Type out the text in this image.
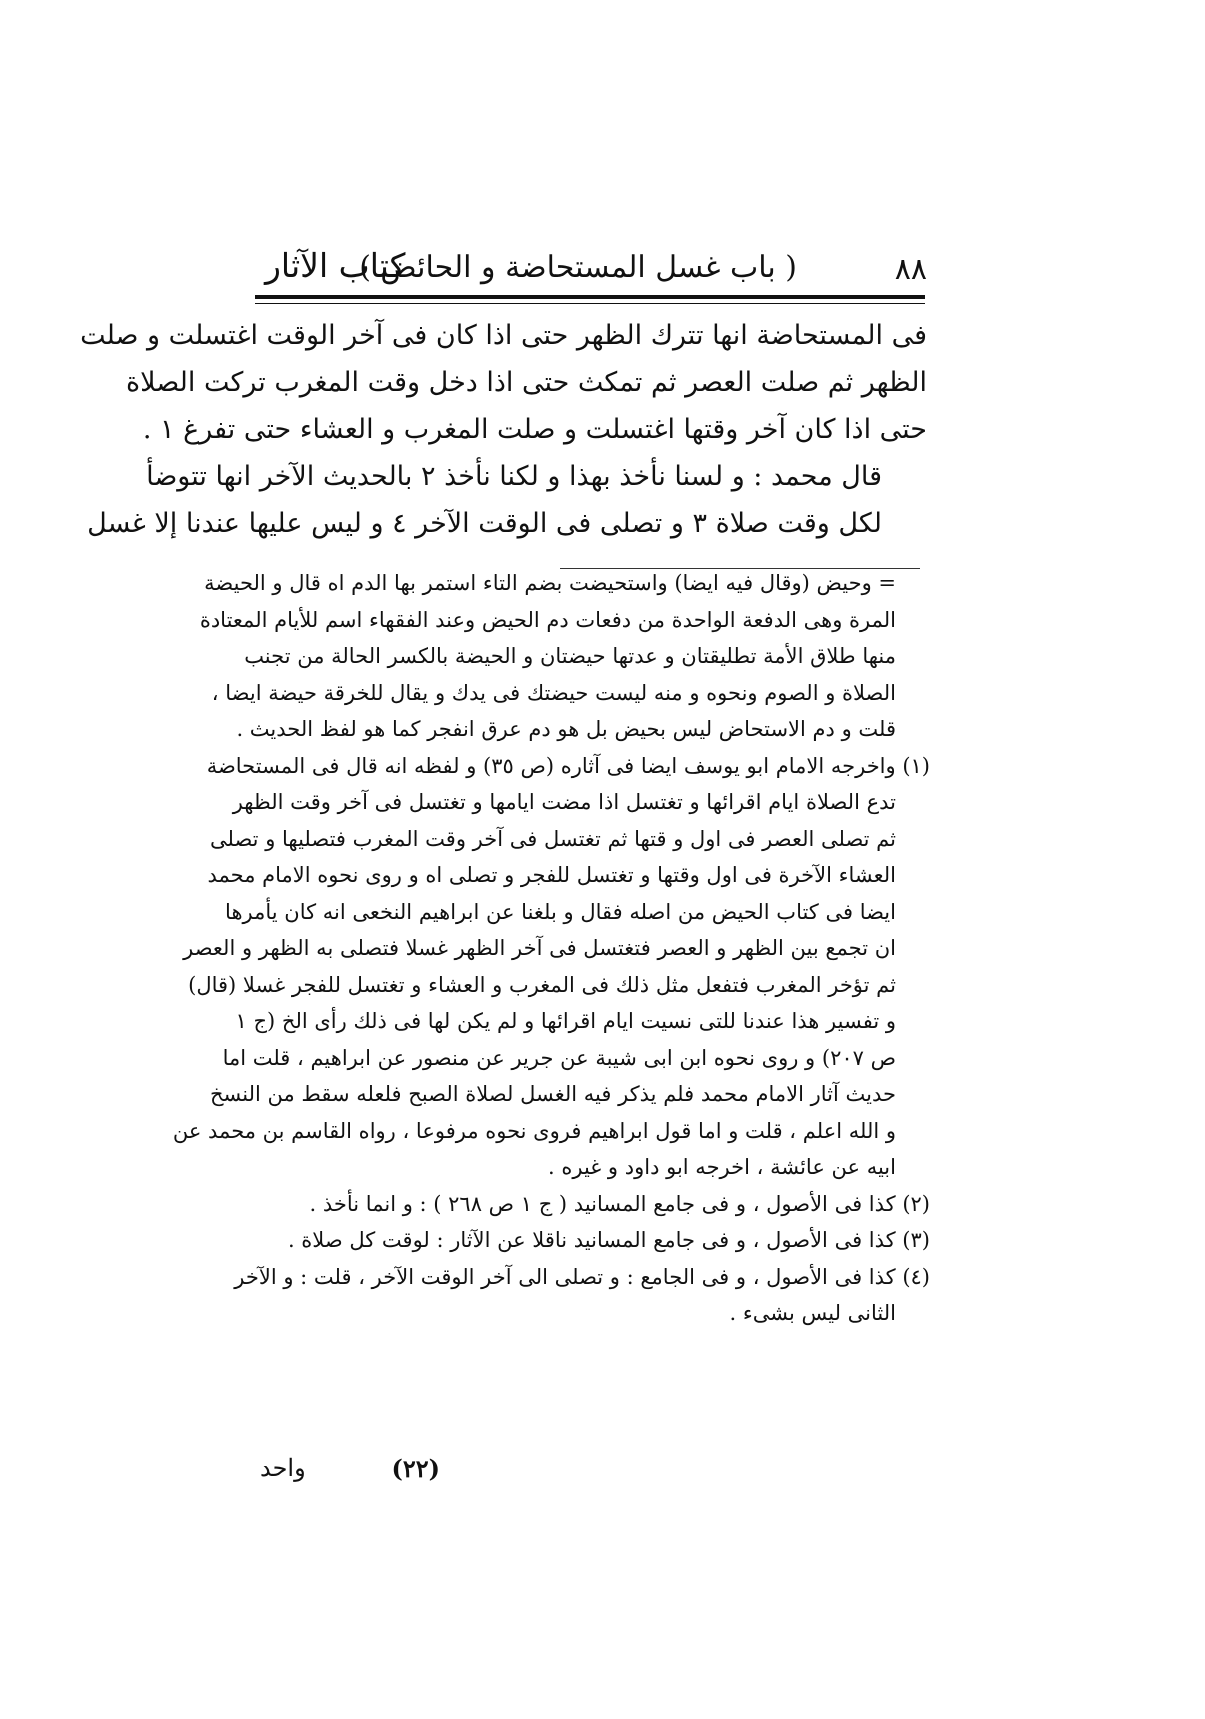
٨٨
( باب غسل المستحاضة و الحائض )
كتاب الآثار

فى المستحاضة انها تترك الظهر حتى اذا كان فى آخر الوقت اغتسلت و صلت
الظهر ثم صلت العصر ثم تمكث حتى اذا دخل وقت المغرب تركت الصلاة
حتى اذا كان آخر وقتها اغتسلت و صلت المغرب و العشاء حتى تفرغ ١ .

قال محمد : و لسنا نأخذ بهذا و لكنا نأخذ ٢ بالحديث الآخر انها تتوضأ
لكل وقت صلاة ٣ و تصلى فى الوقت الآخر ٤ و ليس عليها عندنا إلا غسل

= وحيض (وقال فيه ايضا) واستحيضت بضم التاء استمر بها الدم اه قال و الحيضة
المرة وهى الدفعة الواحدة من دفعات دم الحيض وعند الفقهاء اسم للأيام المعتادة
منها طلاق الأمة تطليقتان و عدتها حيضتان و الحيضة بالكسر الحالة من تجنب
الصلاة و الصوم ونحوه و منه ليست حيضتك فى يدك و يقال للخرقة حيضة ايضا ،
قلت و دم الاستحاض ليس بحيض بل هو دم عرق انفجر كما هو لفظ الحديث .
(١) واخرجه الامام ابو يوسف ايضا فى آثاره (ص ٣٥) و لفظه انه قال فى المستحاضة
تدع الصلاة ايام اقرائها و تغتسل اذا مضت ايامها و تغتسل فى آخر وقت الظهر
ثم تصلى العصر فى اول و قتها ثم تغتسل فى آخر وقت المغرب فتصليها و تصلى
العشاء الآخرة فى اول وقتها و تغتسل للفجر و تصلى اه و روى نحوه الامام محمد
ايضا فى كتاب الحيض من اصله فقال و بلغنا عن ابراهيم النخعى انه كان يأمرها
ان تجمع بين الظهر و العصر فتغتسل فى آخر الظهر غسلا فتصلى به الظهر و العصر
ثم تؤخر المغرب فتفعل مثل ذلك فى المغرب و العشاء و تغتسل للفجر غسلا (قال)
و تفسير هذا عندنا للتى نسيت ايام اقرائها و لم يكن لها فى ذلك رأى الخ (ج ١
ص ٢٠٧) و روى نحوه ابن ابى شيبة عن جرير عن منصور عن ابراهيم ، قلت اما
حديث آثار الامام محمد فلم يذكر فيه الغسل لصلاة الصبح فلعله سقط من النسخ
و الله اعلم ، قلت و اما قول ابراهيم فروى نحوه مرفوعا ، رواه القاسم بن محمد عن
ابيه عن عائشة ، اخرجه ابو داود و غيره .
(٢) كذا فى الأصول ، و فى جامع المسانيد ( ج ١ ص ٢٦٨ ) : و انما نأخذ .
(٣) كذا فى الأصول ، و فى جامع المسانيد ناقلا عن الآثار : لوقت كل صلاة .
(٤) كذا فى الأصول ، و فى الجامع : و تصلى الى آخر الوقت الآخر ، قلت : و الآخر
الثانى ليس بشىء .
(٢٢)
واحد
